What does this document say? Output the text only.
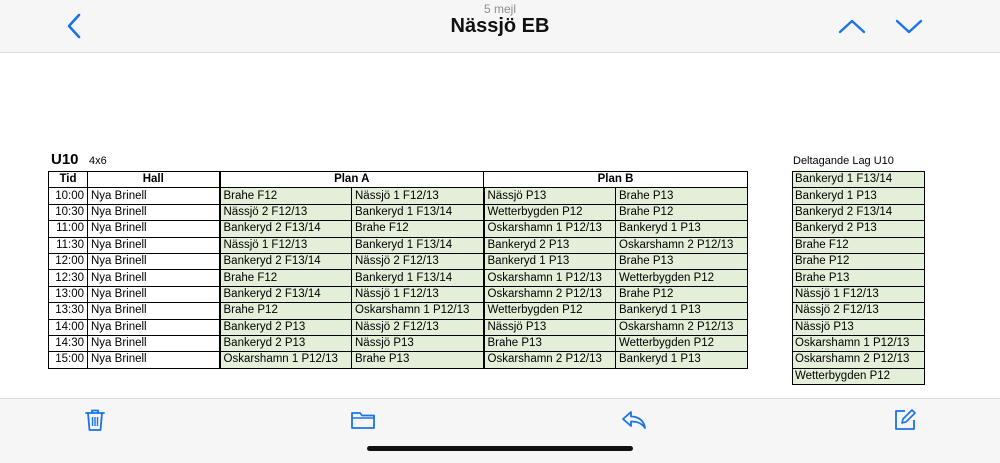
5 mejl
Nässjö EB
U10 4x6	Deltagande Lag U10
Tid	Hall	Plan A		Plan B	
10:00	Nya Brinell	Brahe F12	Nässjö 1 F12/13	Nässjö P13	Brahe P13
10:30	Nya Brinell	Nässjö 2 F12/13	Bankeryd 1 F13/14	Wetterbygden P12	Brahe P12
11:00	Nya Brinell	Bankeryd 2 F13/14	Brahe F12	Oskarshamn 1 P12/13	Bankeryd 1 P13
11:30	Nya Brinell	Nässjö 1 F12/13	Bankeryd 1 F13/14	Bankeryd 2 P13	Oskarshamn 2 P12/13
12:00	Nya Brinell	Bankeryd 2 F13/14	Nässjö 2 F12/13	Bankeryd 1 P13	Brahe P13
12:30	Nya Brinell	Brahe F12	Bankeryd 1 F13/14	Oskarshamn 1 P12/13	Wetterbygden P12
13:00	Nya Brinell	Bankeryd 2 F13/14	Nässjö 1 F12/13	Oskarshamn 2 P12/13	Brahe P12
13:30	Nya Brinell	Brahe P12	Oskarshamn 1 P12/13	Wetterbygden P12	Bankeryd 1 P13
14:00	Nya Brinell	Bankeryd 2 P13	Nässjö 2 F12/13	Nässjö P13	Oskarshamn 2 P12/13
14:30	Nya Brinell	Bankeryd 2 P13	Nässjö P13	Brahe P13	Wetterbygden P12
15:00	Nya Brinell	Oskarshamn 1 P12/13	Brahe P13	Oskarshamn 2 P12/13	Bankeryd 1 P13
Bankeryd 1 F13/14
Bankeryd 1 P13
Bankeryd 2 F13/14
Bankeryd 2 P13
Brahe F12
Brahe P12
Brahe P13
Nässjö 1 F12/13
Nässjö 2 F12/13
Nässjö P13
Oskarshamn 1 P12/13
Oskarshamn 2 P12/13
Wetterbygden P12
